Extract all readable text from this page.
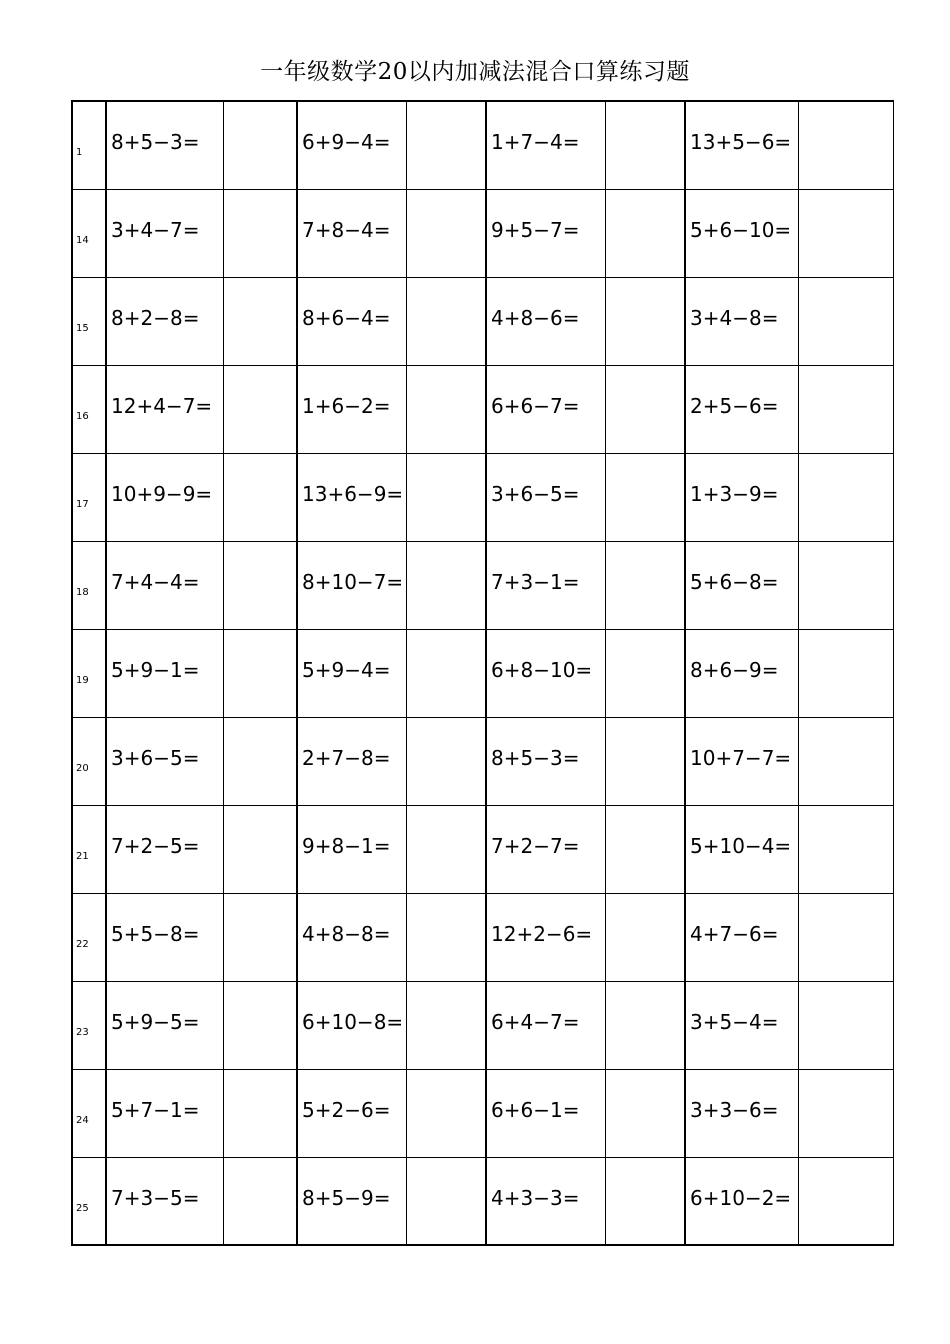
一年级数学20以内加减法混合口算练习题
1	8+5−3=		6+9−4=		1+7−4=		13+5−6=	

14	3+4−7=		7+8−4=		9+5−7=		5+6−10=	

15	8+2−8=		8+6−4=		4+8−6=		3+4−8=	

16	12+4−7=		1+6−2=		6+6−7=		2+5−6=	

17	10+9−9=		13+6−9=		3+6−5=		1+3−9=	

18	7+4−4=		8+10−7=		7+3−1=		5+6−8=	

19	5+9−1=		5+9−4=		6+8−10=		8+6−9=	

20	3+6−5=		2+7−8=		8+5−3=		10+7−7=	

21	7+2−5=		9+8−1=		7+2−7=		5+10−4=	

22	5+5−8=		4+8−8=		12+2−6=		4+7−6=	

23	5+9−5=		6+10−8=		6+4−7=		3+5−4=	

24	5+7−1=		5+2−6=		6+6−1=		3+3−6=	

25	7+3−5=		8+5−9=		4+3−3=		6+10−2=	
